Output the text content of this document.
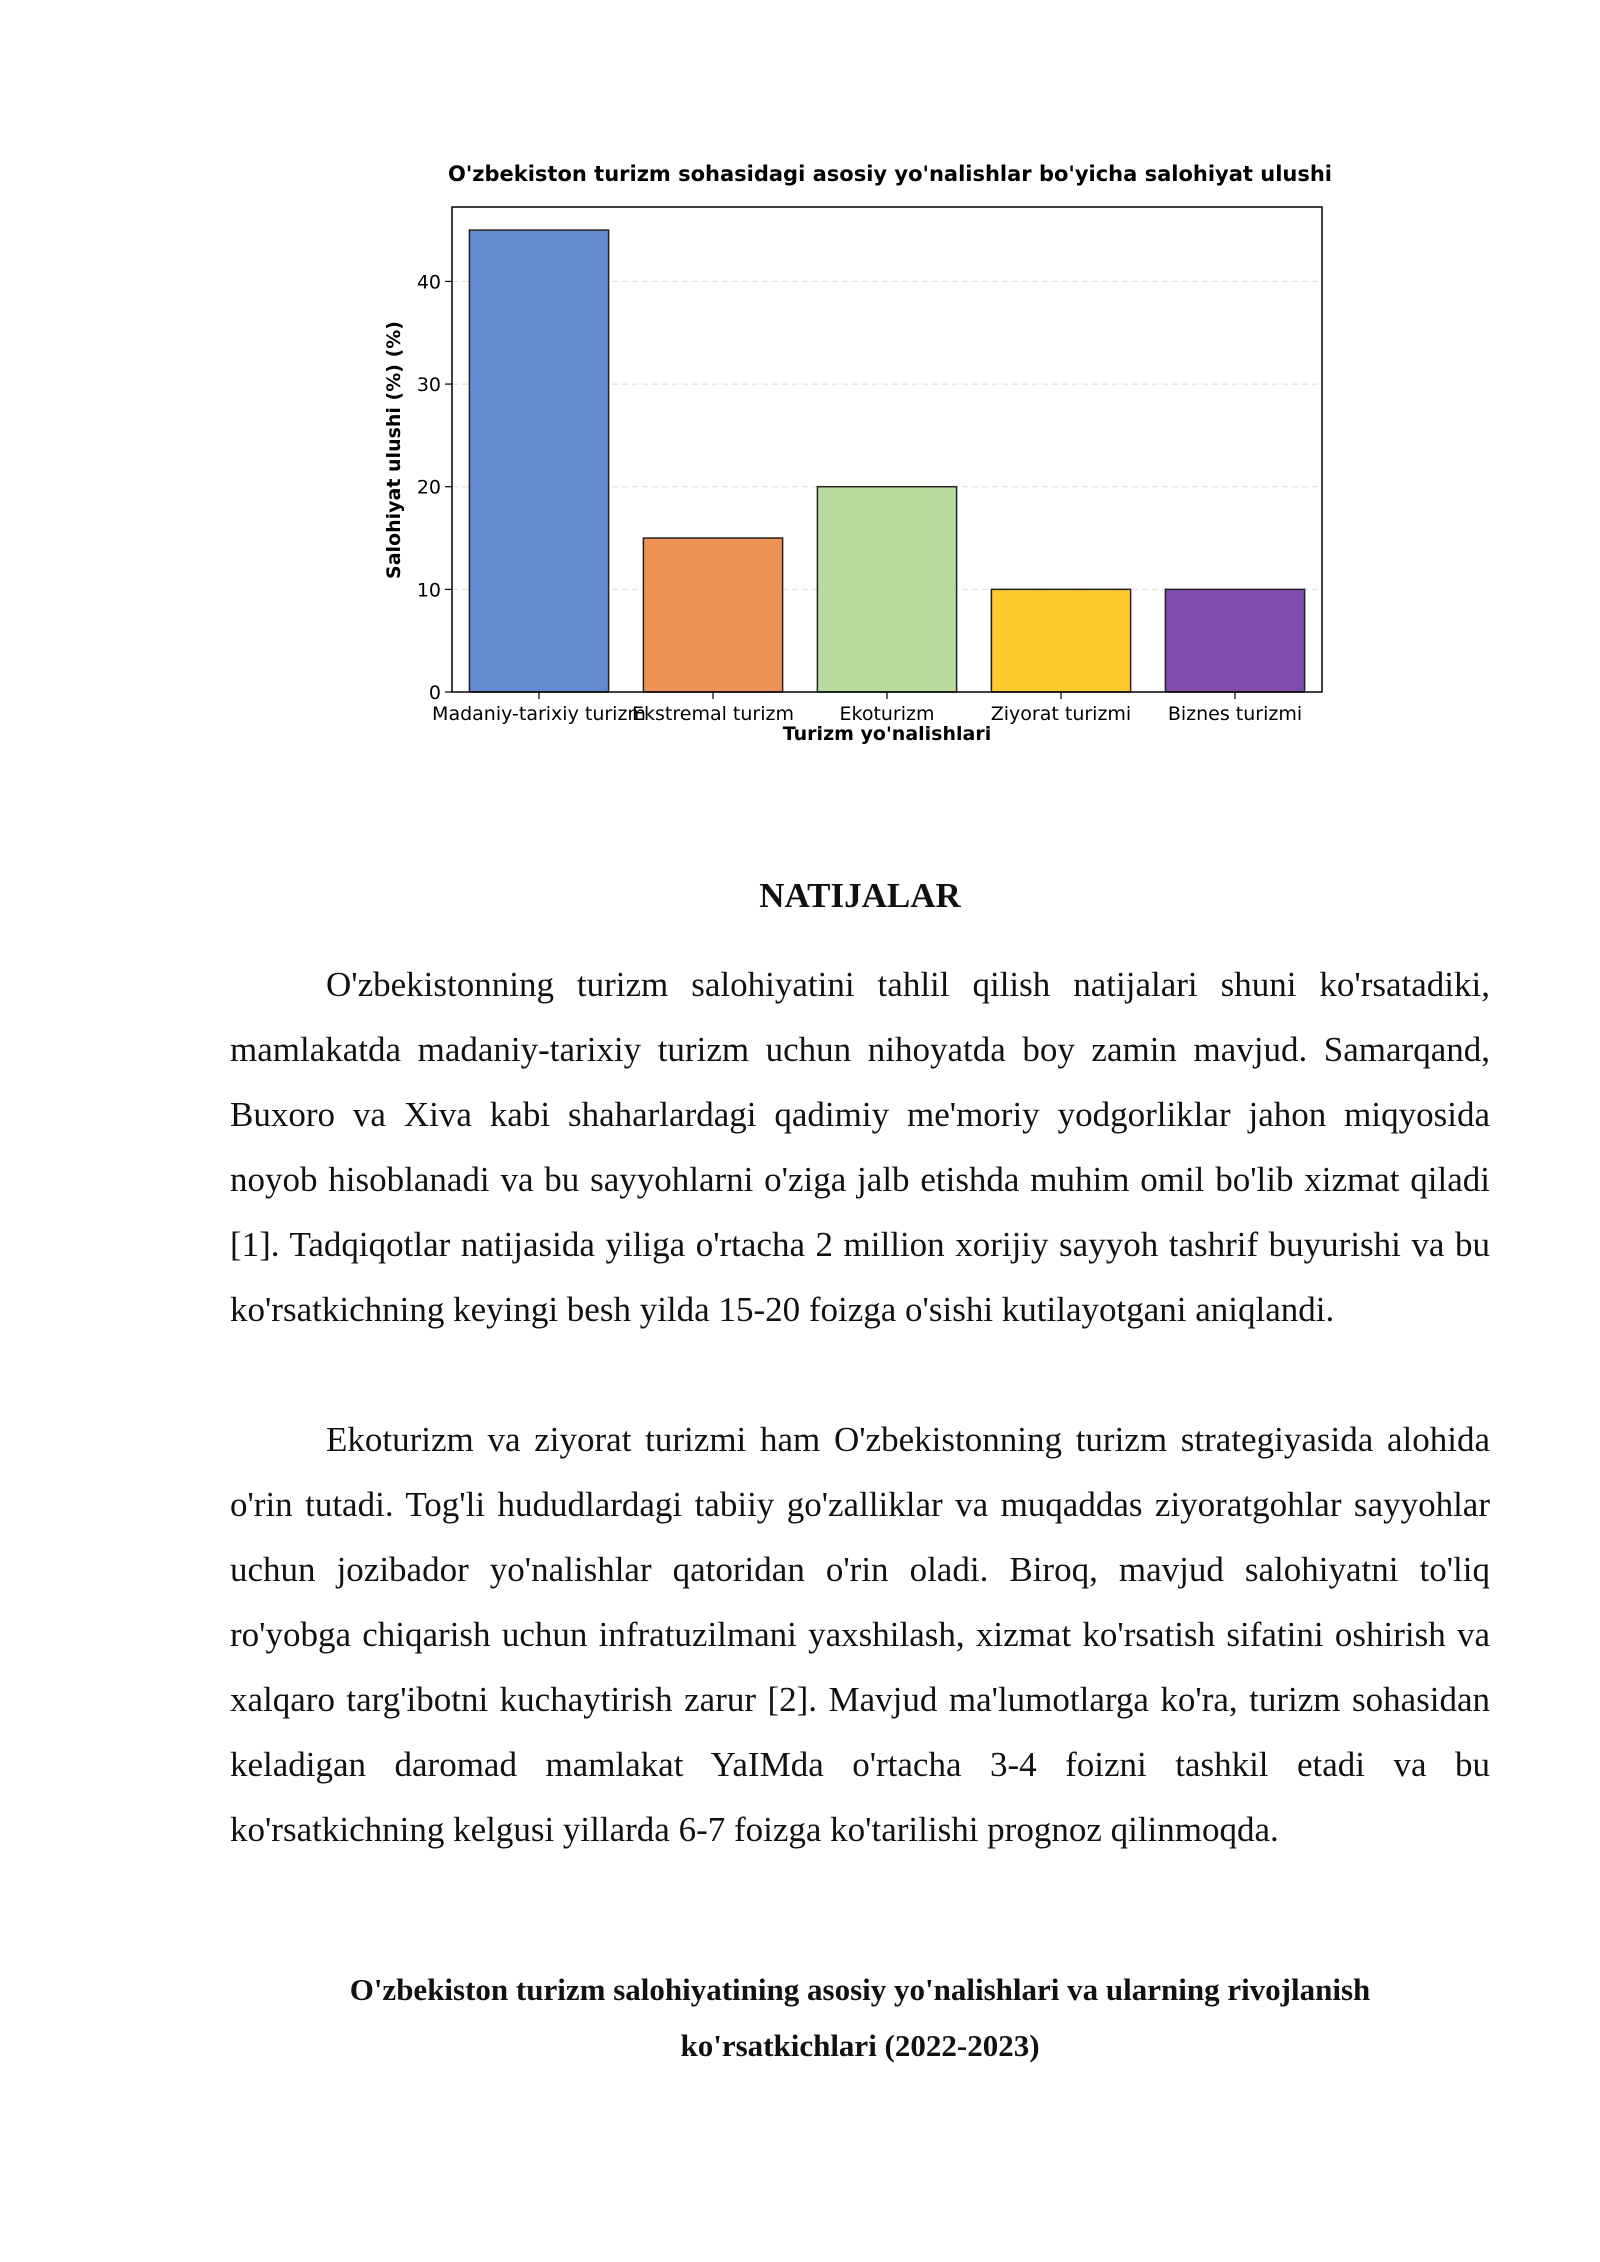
O'zbekiston turizm sohasidagi asosiy yo'nalishlar bo'yicha salohiyat ulushi
0
10
20
30
40
Madaniy-tarixiy turizm
Ekstremal turizm Ekoturizm	Ziyorat turizmi Biznes turizmi
Turizm yo'nalishlari
Salohiyat ulushi (%) (%)
NATIJALAR

O'zbekistonning turizm salohiyatini tahlil qilish natijalari shuni ko'rsatadiki, mamlakatda madaniy-tarixiy turizm uchun nihoyatda boy zamin mavjud. Samarqand, Buxoro va Xiva kabi shaharlardagi qadimiy me'moriy yodgorliklar jahon miqyosida noyob hisoblanadi va bu sayyohlarni o'ziga jalb etishda muhim omil bo'lib xizmat qiladi [1]. Tadqiqotlar natijasida yiliga o'rtacha 2 million xorijiy sayyoh tashrif buyurishi va bu ko'rsatkichning keyingi besh yilda 15-20 foizga o'sishi kutilayotgani aniqlandi.

Ekoturizm va ziyorat turizmi ham O'zbekistonning turizm strategiyasida alohida o'rin tutadi. Tog'li hududlardagi tabiiy go'zalliklar va muqaddas ziyoratgohlar sayyohlar uchun jozibador yo'nalishlar qatoridan o'rin oladi. Biroq, mavjud salohiyatni to'liq ro'yobga chiqarish uchun infratuzilmani yaxshilash, xizmat ko'rsatish sifatini oshirish va xalqaro targ'ibotni kuchaytirish zarur [2]. Mavjud ma'lumotlarga ko'ra, turizm sohasidan keladigan daromad mamlakat YaIMda o'rtacha 3-4 foizni tashkil etadi va bu ko'rsatkichning kelgusi yillarda 6-7 foizga ko'tarilishi prognoz qilinmoqda.

O'zbekiston turizm salohiyatining asosiy yo'nalishlari va ularning rivojlanish
ko'rsatkichlari (2022-2023)
